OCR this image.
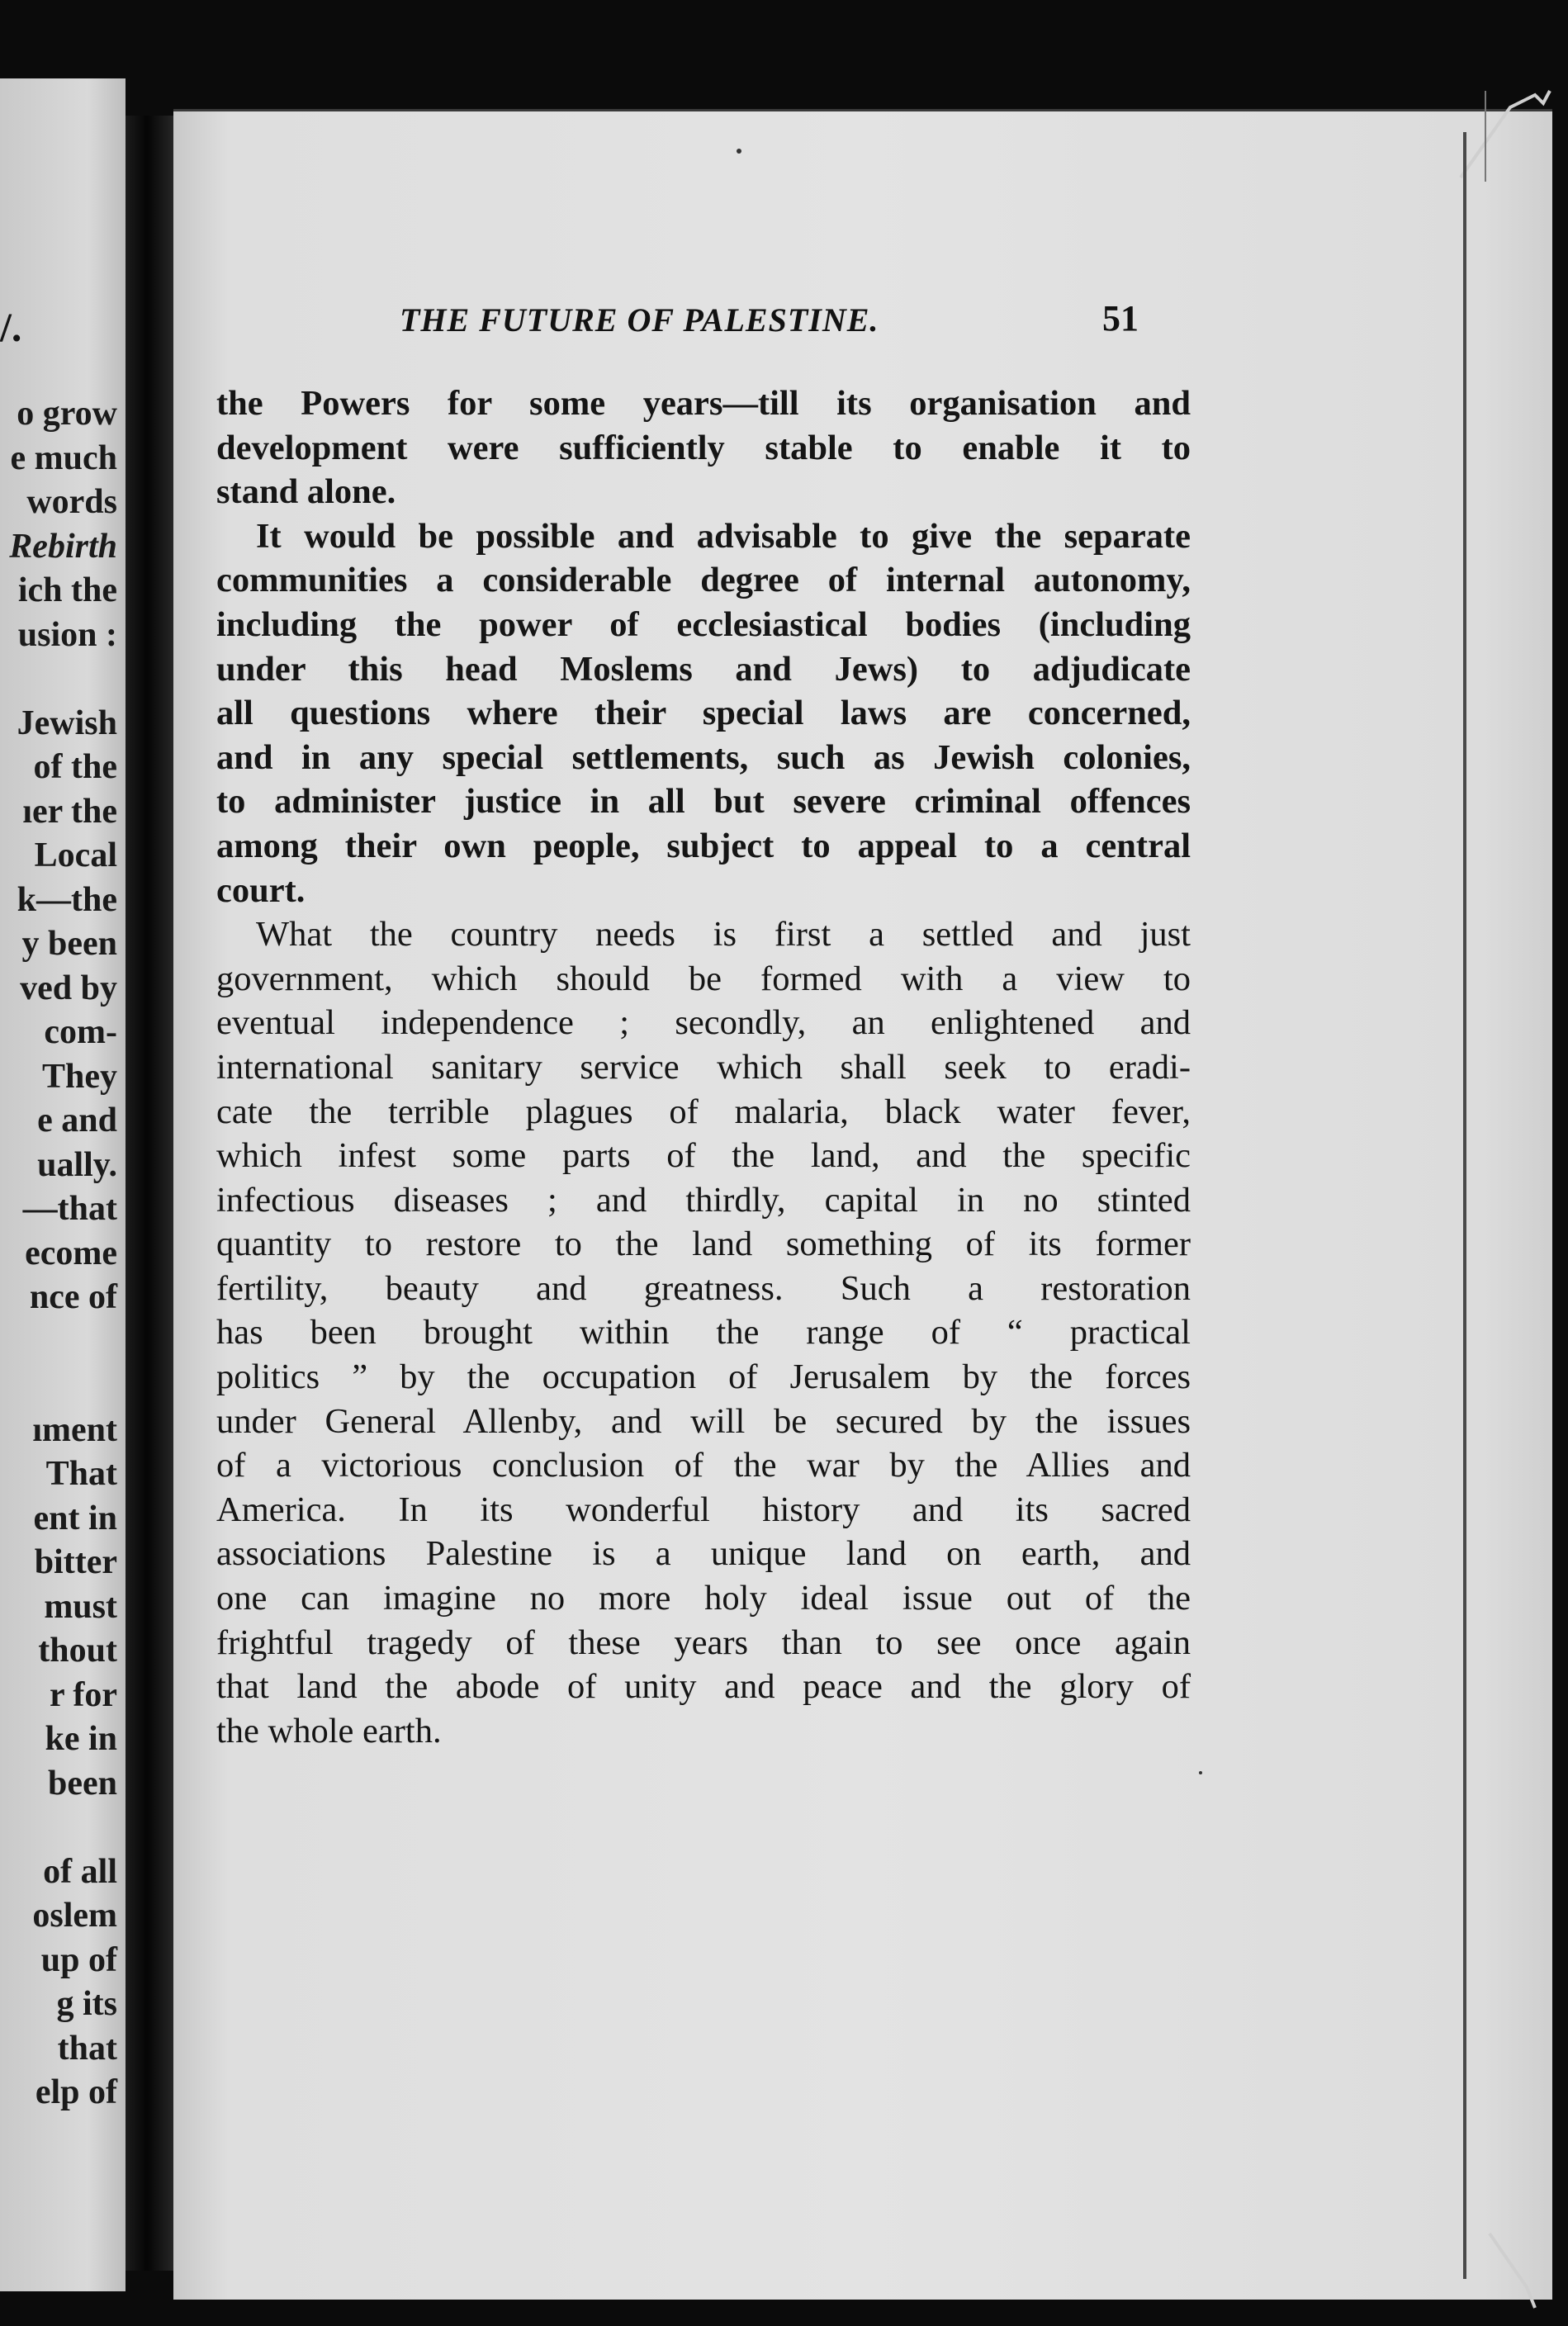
/.
o grow
e much
words
Rebirth
ich the
usion :
Jewish
of the
ıer the
Local
k—the
y been
ved by
com-
They
e and
ually.
—that
ecome
nce of
ıment
That
ent in
bitter
must
thout
r for
ke in
been
of all
oslem
up of
g its
that
elp of
THE FUTURE OF PALESTINE.	51
the Powers for some years—till its organisation and
development were sufficiently stable to enable it to
stand alone.
It would be possible and advisable to give the separate
communities a considerable degree of internal autonomy,
including the power of ecclesiastical bodies (including
under this head Moslems and Jews) to adjudicate
all questions where their special laws are concerned,
and in any special settlements, such as Jewish colonies,
to administer justice in all but severe criminal offences
among their own people, subject to appeal to a central
court.
What the country needs is first a settled and just
government, which should be formed with a view to
eventual independence ; secondly, an enlightened and
international sanitary service which shall seek to eradi-
cate the terrible plagues of malaria, black water fever,
which infest some parts of the land, and the specific
infectious diseases ; and thirdly, capital in no stinted
quantity to restore to the land something of its former
fertility, beauty and greatness. Such a restoration
has been brought within the range of “ practical
politics ” by the occupation of Jerusalem by the forces
under General Allenby, and will be secured by the issues
of a victorious conclusion of the war by the Allies and
America. In its wonderful history and its sacred
associations Palestine is a unique land on earth, and
one can imagine no more holy ideal issue out of the
frightful tragedy of these years than to see once again
that land the abode of unity and peace and the glory of
the whole earth.
